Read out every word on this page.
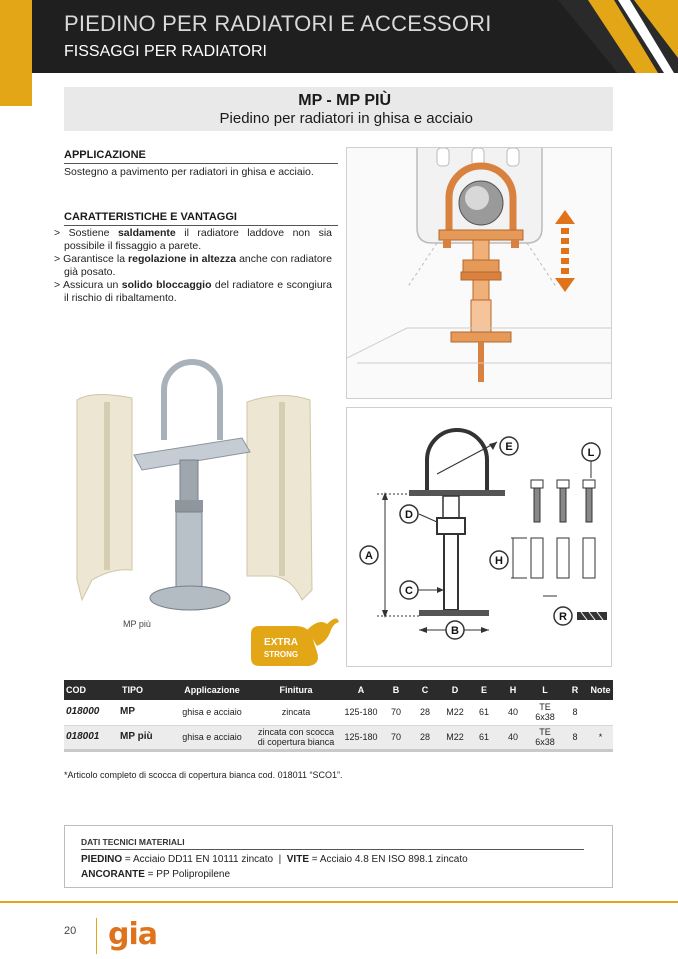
PIEDINO PER RADIATORI E ACCESSORI
FISSAGGI PER RADIATORI
MP - MP PIÙ
Piedino per radiatori in ghisa e acciaio
APPLICAZIONE
Sostegno a pavimento per radiatori in ghisa e acciaio.
CARATTERISTICHE E VANTAGGI
> Sostiene saldamente il radiatore laddove non sia possibile il fissaggio a parete.
> Garantisce la regolazione in altezza anche con radiatore già posato.
> Assicura un solido bloccaggio del radiatore e scongiura il rischio di ribaltamento.
MP più
EXTRA
STRONG
E
D
A
C
B
H
L
R
COD	TIPO	Applicazione	Finitura	A	B	C	D	E	H	L	R	Note
018000	MP	ghisa e acciaio	zincata	125-180	70	28	M22	61	40	TE
6x38	8	
018001	MP più	ghisa e acciaio	zincata con scocca
di copertura bianca	125-180	70	28	M22	61	40	TE
6x38	8	*
*Articolo completo di scocca di copertura bianca cod. 018011 “SCO1”.
DATI TECNICI MATERIALI
PIEDINO = Acciaio DD11 EN 10111 zincato  |  VITE = Acciaio 4.8 EN ISO 898.1 zincato
ANCORANTE = PP Polipropilene
20 gia
